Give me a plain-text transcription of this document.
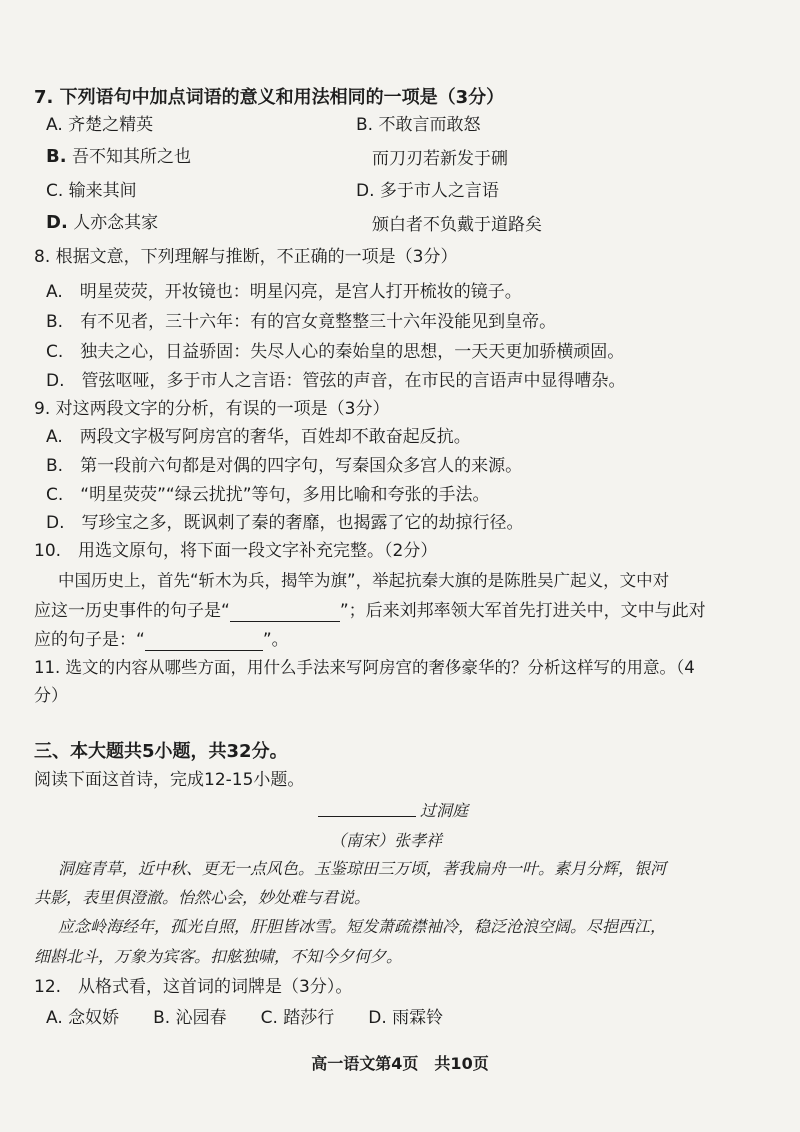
7. 下列语句中加点词语的意义和用法相同的一项是（3分）
A. 齐楚之精英	B. 不敢言而敢怒
B. 吾不知其所之也	而刀刃若新发于硎
C. 输来其间	D. 多于市人之言语
D. 人亦念其家	颁白者不负戴于道路矣
8. 根据文意，下列理解与推断，不正确的一项是（3分）
A.　明星荧荧，开妆镜也：明星闪亮，是宫人打开梳妆的镜子。
B.　有不见者，三十六年：有的宫女竟整整三十六年没能见到皇帝。
C.　独夫之心，日益骄固：失尽人心的秦始皇的思想，一天天更加骄横顽固。
D.　管弦呕哑，多于市人之言语：管弦的声音，在市民的言语声中显得嘈杂。
9. 对这两段文字的分析，有误的一项是（3分）
A.　两段文字极写阿房宫的奢华，百姓却不敢奋起反抗。
B.　第一段前六句都是对偶的四字句，写秦国众多宫人的来源。
C.　“明星荧荧”“绿云扰扰”等句，多用比喻和夸张的手法。
D.　写珍宝之多，既讽刺了秦的奢靡，也揭露了它的劫掠行径。
10.　用选文原句，将下面一段文字补充完整。（2分）
中国历史上，首先“斩木为兵，揭竿为旗”，举起抗秦大旗的是陈胜吴广起义，文中对
应这一历史事件的句子是“	”；后来刘邦率领大军首先打进关中，文中与此对
应的句子是：“	”。
11. 选文的内容从哪些方面，用什么手法来写阿房宫的奢侈豪华的？分析这样写的用意。（4
分）
三、本大题共5小题，共32分。
阅读下面这首诗，完成12-15小题。
过洞庭
（南宋）张孝祥
洞庭青草，近中秋、更无一点风色。玉鉴琼田三万顷，著我扁舟一叶。素月分辉，银河
共影，表里俱澄澈。怡然心会，妙处难与君说。
应念岭海经年，孤光自照，肝胆皆冰雪。短发萧疏襟袖冷，稳泛沧浪空阔。尽挹西江，
细斟北斗，万象为宾客。扣舷独啸，不知今夕何夕。
12.　从格式看，这首词的词牌是（3分）。
A. 念奴娇　　B. 沁园春　　C. 踏莎行　　D. 雨霖铃
高一语文第4页　共10页
